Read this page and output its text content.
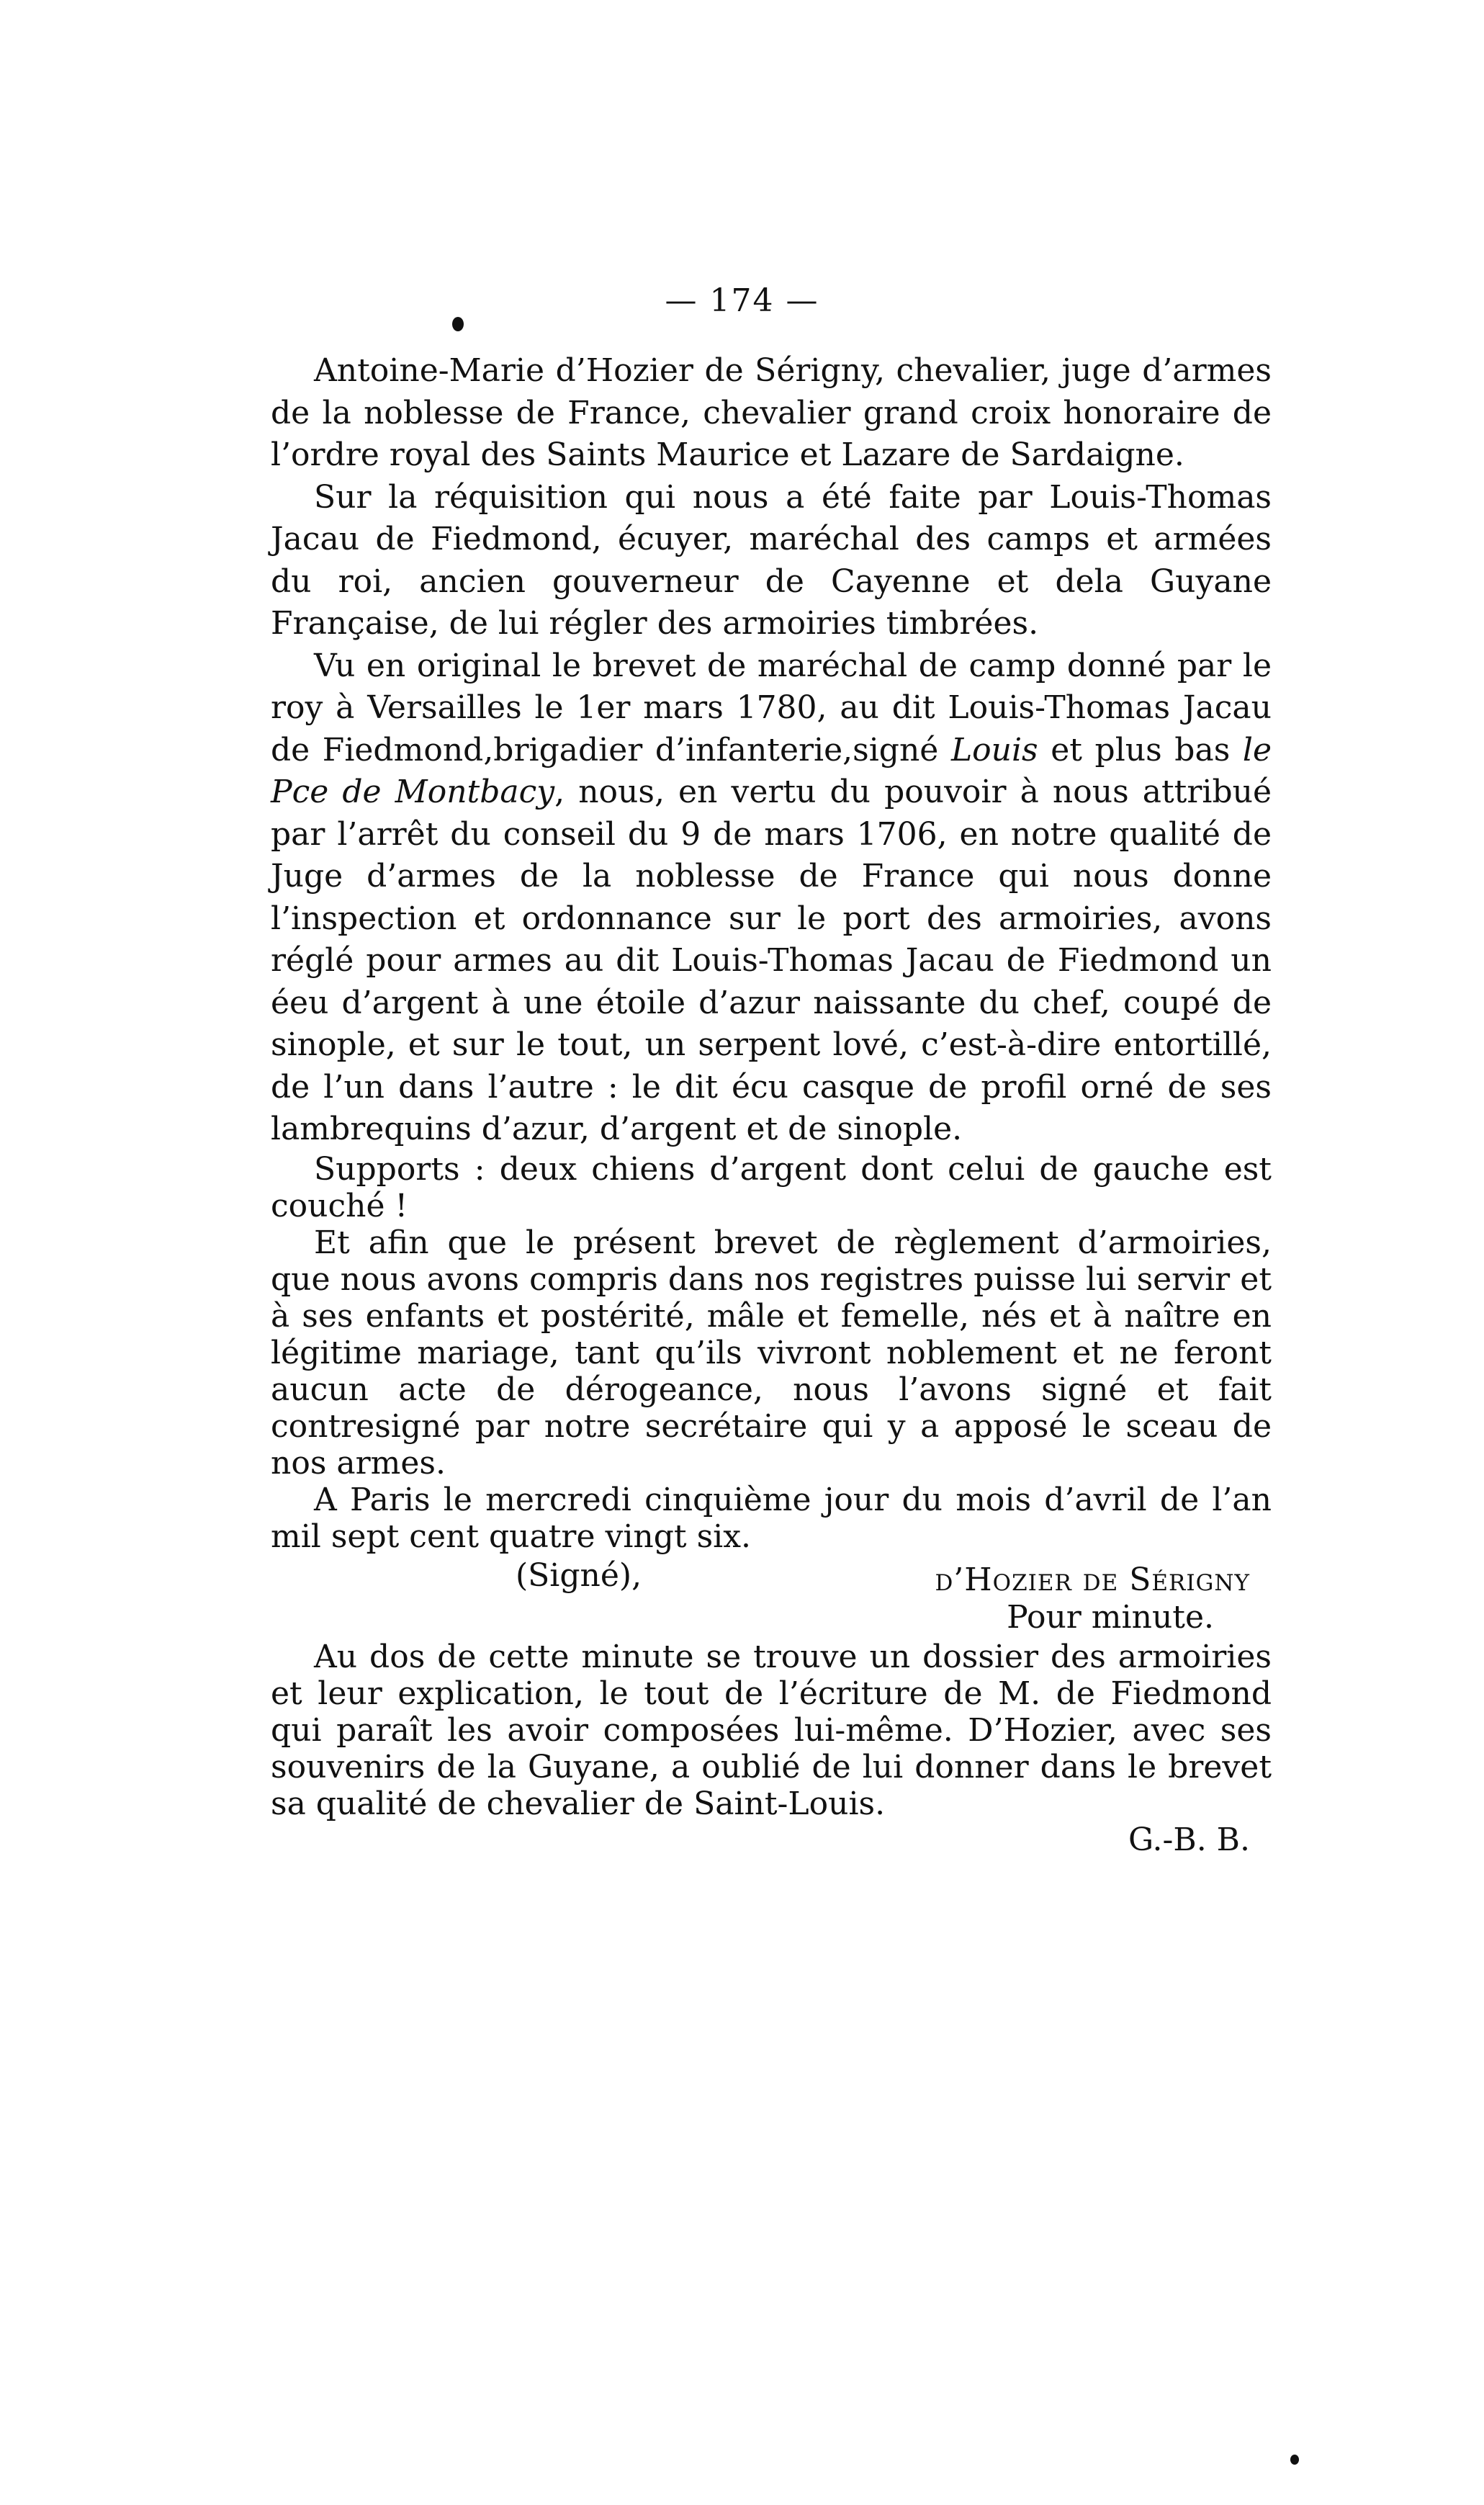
— 174 —

Antoine-Marie d’Hozier de Sérigny, chevalier, juge d’armes de la noblesse de France, chevalier grand croix honoraire de l’ordre royal des Saints Maurice et Lazare de Sardaigne.

Sur la réquisition qui nous a été faite par Louis-Thomas Jacau de Fiedmond, écuyer, maréchal des camps et armées du roi, ancien gouverneur de Cayenne et dela Guyane Française, de lui régler des armoiries timbrées.

Vu en original le brevet de maréchal de camp donné par le roy à Versailles le 1er mars 1780, au dit Louis-Thomas Jacau de Fiedmond,brigadier d’infanterie,signé Louis et plus bas le Pce de Montbacy, nous, en vertu du pouvoir à nous attribué par l’arrêt du conseil du 9 de mars 1706, en notre qualité de Juge d’armes de la noblesse de France qui nous donne l’inspection et ordonnance sur le port des armoiries, avons réglé pour armes au dit Louis-Thomas Jacau de Fiedmond un éeu d’argent à une étoile d’azur naissante du chef, coupé de sinople, et sur le tout, un serpent lové, c’est-à-dire entortillé, de l’un dans l’autre : le dit écu casque de profil orné de ses lambrequins d’azur, d’argent et de sinople.

Supports : deux chiens d’argent dont celui de gauche est couché !

Et afin que le présent brevet de règlement d’armoiries, que nous avons compris dans nos registres puisse lui servir et à ses enfants et postérité, mâle et femelle, nés et à naître en légitime mariage, tant qu’ils vivront noblement et ne feront aucun acte de dérogeance, nous l’avons signé et fait contresigné par notre secrétaire qui y a apposé le sceau de nos armes.

A Paris le mercredi cinquième jour du mois d’avril de l’an mil sept cent quatre vingt six.

(Signé),	d’Hozier de Sérigny
Pour minute.

Au dos de cette minute se trouve un dossier des armoiries et leur explication, le tout de l’écriture de M. de Fiedmond qui paraît les avoir composées lui-même. D’Hozier, avec ses souvenirs de la Guyane, a oublié de lui donner dans le brevet sa qualité de chevalier de Saint-Louis.

G.-B. B.
